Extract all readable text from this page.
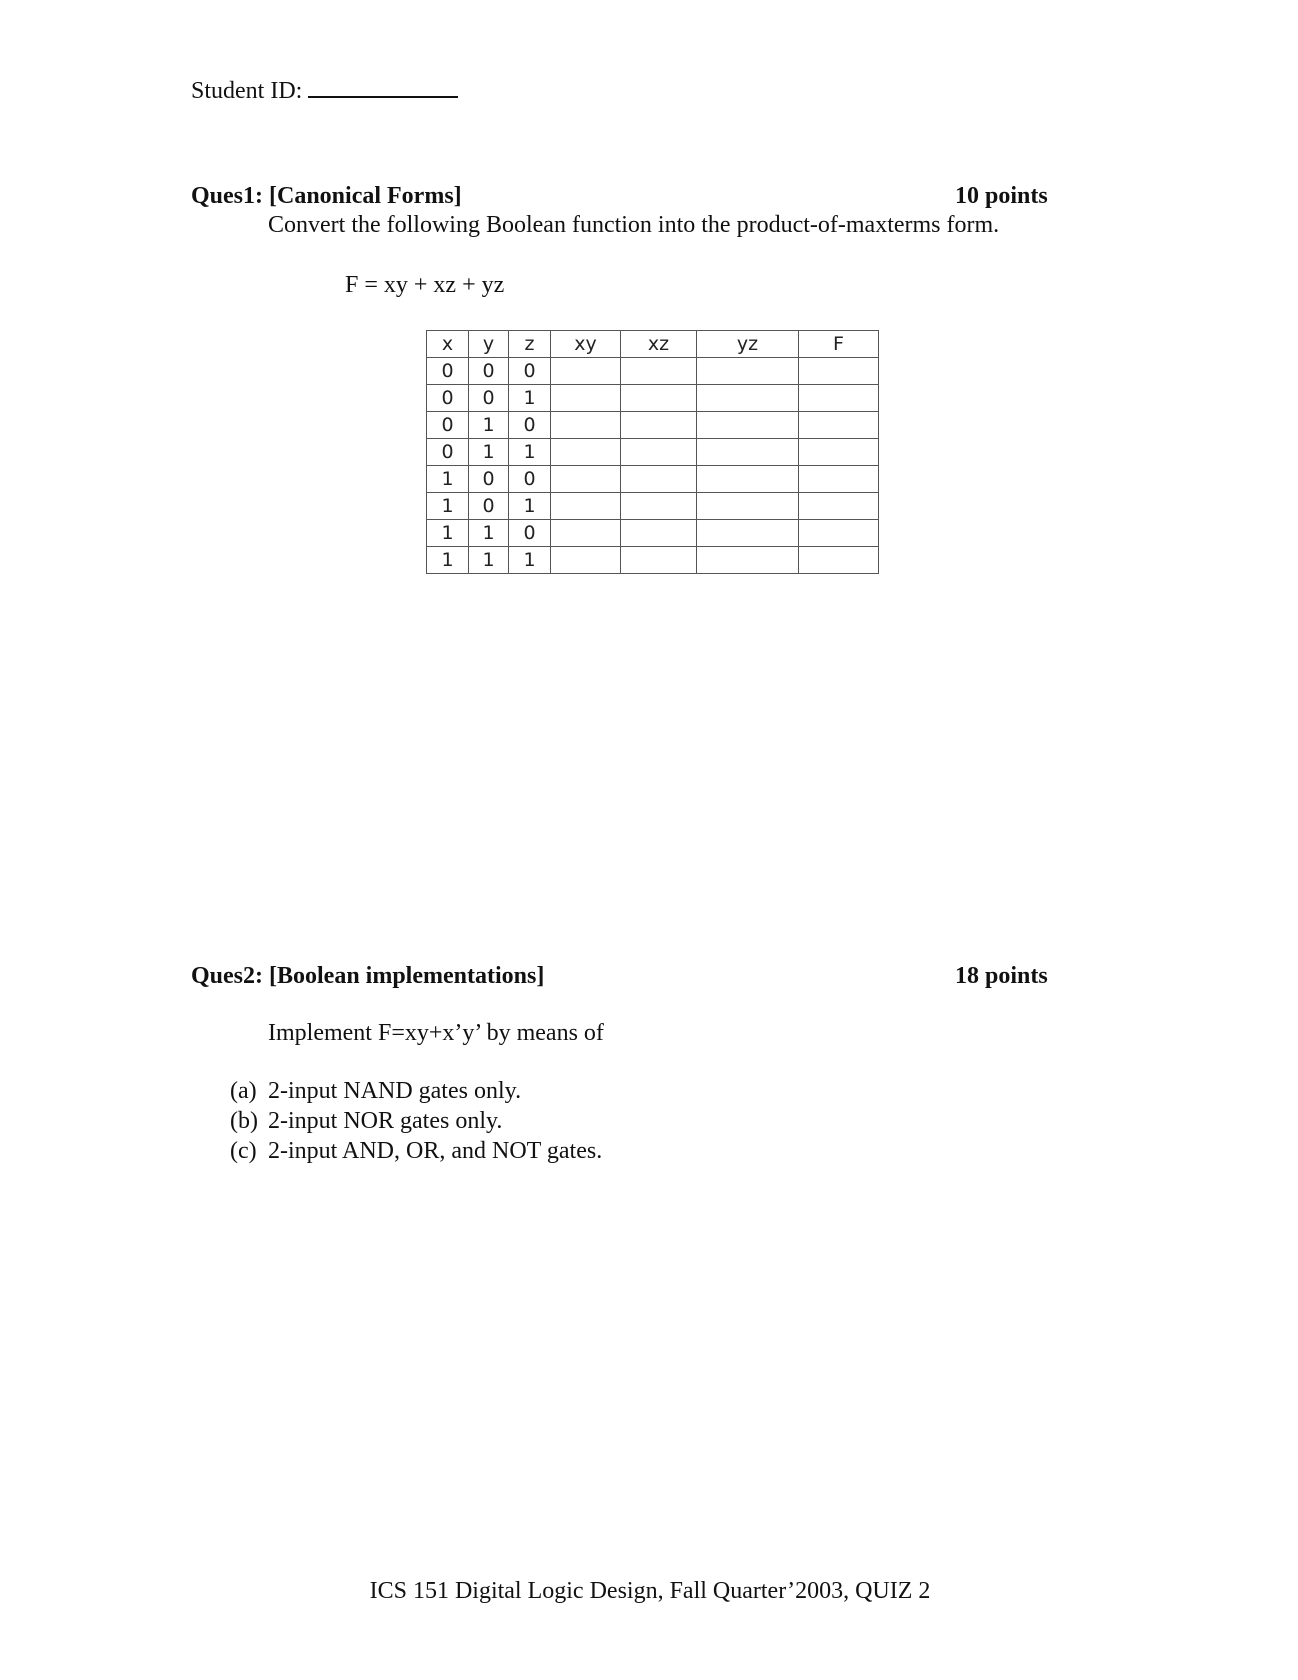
Student ID:
Ques1: [Canonical Forms]	10 points
Convert the following Boolean function into the product-of-maxterms form.
F = xy + xz + yz
x	y	z	xy	xz	yz	F
0	0	0				
0	0	1				
0	1	0				
0	1	1				
1	0	0				
1	0	1				
1	1	0				
1	1	1				
Ques2: [Boolean implementations]	18 points
Implement F=xy+x’y’ by means of
(a) 2-input NAND gates only.
(b) 2-input NOR gates only.
(c) 2-input AND, OR, and NOT gates.
ICS 151 Digital Logic Design, Fall Quarter’2003, QUIZ 2
